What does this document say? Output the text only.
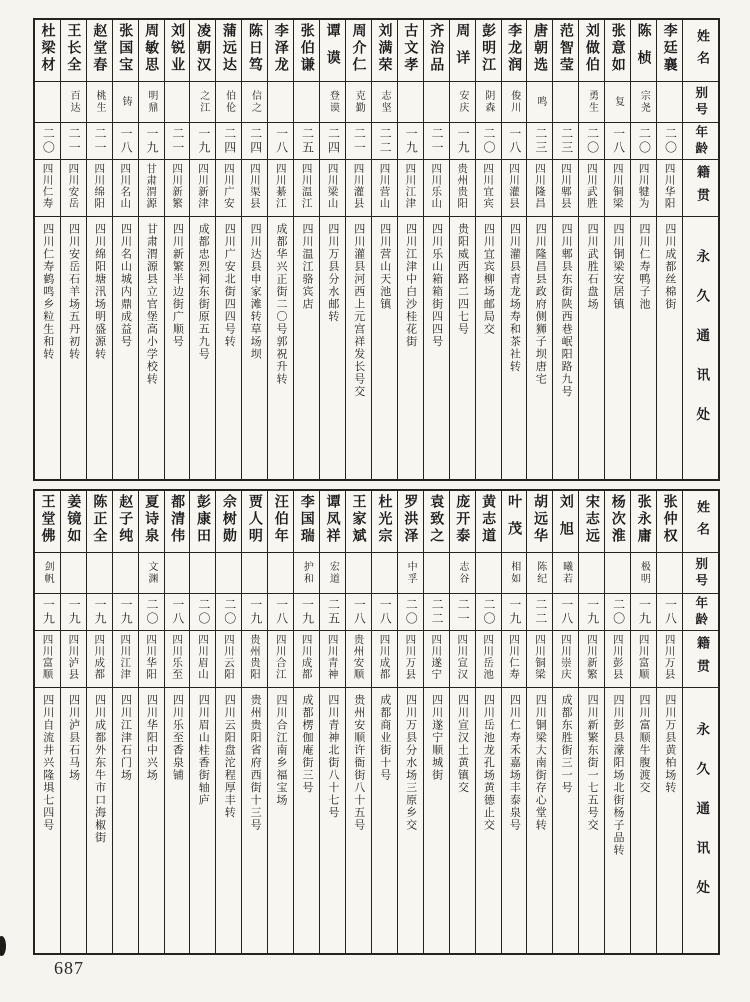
姓名
别号
年龄
籍贯
永久通讯处
李廷襄
二〇
四川华阳
四川成都丝棉街
陈桢
宗尧
二〇
四川犍为
四川仁寿鸭子池
张意如
复
一八
四川铜梁
四川铜梁安居镇
刘做伯
勇生
二〇
四川武胜
四川武胜石盘场
范智莹
二三
四川郫县
四川郫县东街陕西巷岷阳路九号
唐朝选
鸣
二三
四川隆昌
四川隆昌县政府侧狮子坝唐宅
李龙润
俊川
一八
四川灌县
四川灌县青龙场寿和茶社转
彭明江
阴森
二〇
四川宜宾
四川宜宾柳场邮局交
周详
安庆
一九
贵州贵阳
贵阳威西路二四七号
齐治品
二一
四川乐山
四川乐山箱箱街四四号
古文孝
一九
四川江津
四川江津中白沙桂花街
刘满荣
志坚
二二
四川营山
四川营山天池镇
周介仁
克勤
二一
四川灌县
四川灌县河西上元宫祥发长号交
谭谟
登谟
二四
四川梁山
四川万县分水邮转
张伯谦
二五
四川温江
四川温江骆宾店
李泽龙
一八
四川綦江
成都华兴正街二〇号郭祝升转
陈日笃
信之
二四
四川渠县
四川达县申家滩转草场坝
蒲远达
伯伦
二四
四川广安
四川广安北街四四号转
凌朝汉
之江
一九
四川新津
成都忠烈祠东街原五九号
刘锐业
二一
四川新繁
四川新繁半边街广顺号
周敏思
明鼎
一九
甘肃渭源
甘肃渭源县立官堡高小学校转
张国宝
铸
一八
四川名山
四川名山城内鼎成益号
赵堂春
桃生
二一
四川绵阳
四川绵阳塘汛场明盛源转
王长全
百达
二一
四川安岳
四川安岳石羊场五丹初转
杜梁材
二〇
四川仁寿
四川仁寿鹤鸣乡粒生和转
姓名
别号
年龄
籍贯
永久通讯处
张仲权
一八
四川万县
四川万县黄柏场转
张永庸
极明
一九
四川富顺
四川富顺牛腹渡交
杨次淮
二〇
四川彭县
四川彭县濛阳场北街杨子品转
宋志远
一九
四川新繁
四川新繁东街一七五号交
刘旭
曦若
一八
四川崇庆
成都东胜街三一号
胡远华
陈纪
二二
四川铜梁
四川铜梁大南街存心堂转
叶茂
相如
一九
四川仁寿
四川仁寿禾嘉场丰泰泉号
黄志道
二〇
四川岳池
四川岳池龙孔场黄德止交
庞开泰
志谷
二一
四川宣汉
四川宣汉土黄镇交
袁致之
二二
四川遂宁
四川遂宁顺城街
罗洪泽
中孚
二〇
四川万县
四川万县分水场三原乡交
杜光宗
一八
四川成都
成都商业街十号
王家斌
一八
贵州安顺
贵州安顺许衙街八十五号
谭凤祥
宏道
二五
四川青神
四川青神北街八十七号
李国瑞
护和
一九
四川成都
成都楞伽庵街三号
汪伯年
一八
四川合江
四川合江南乡福宝场
贾人明
一九
贵州贵阳
贵州贵阳省府西街十三号
佘树勋
二〇
四川云阳
四川云阳盘沱程厚丰转
彭康田
二〇
四川眉山
四川眉山桂香街轴庐
都清伟
一八
四川乐至
四川乐至香泉铺
夏诗泉
文渊
二〇
四川华阳
四川华阳中兴场
赵子纯
一九
四川江津
四川江津石门场
陈正全
一九
四川成都
四川成都外东牛市口海椒街
姜镜如
一九
四川泸县
四川泸县石马场
王堂佛
剑帆
一九
四川富顺
四川自流井兴隆埧七四号
687
